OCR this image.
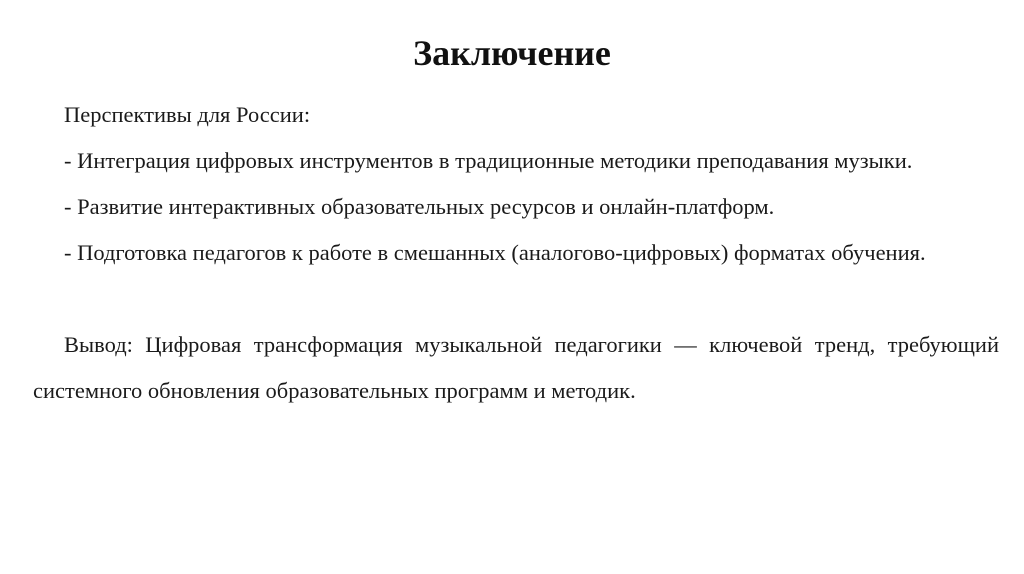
Заключение

Перспективы для России:

- Интеграция цифровых инструментов в традиционные методики преподавания музыки.

- Развитие интерактивных образовательных ресурсов и онлайн-платформ.

- Подготовка педагогов к работе в смешанных (аналогово-цифровых) форматах обучения.

Вывод: Цифровая трансформация музыкальной педагогики — ключевой тренд, требующий системного обновления образовательных программ и методик.
